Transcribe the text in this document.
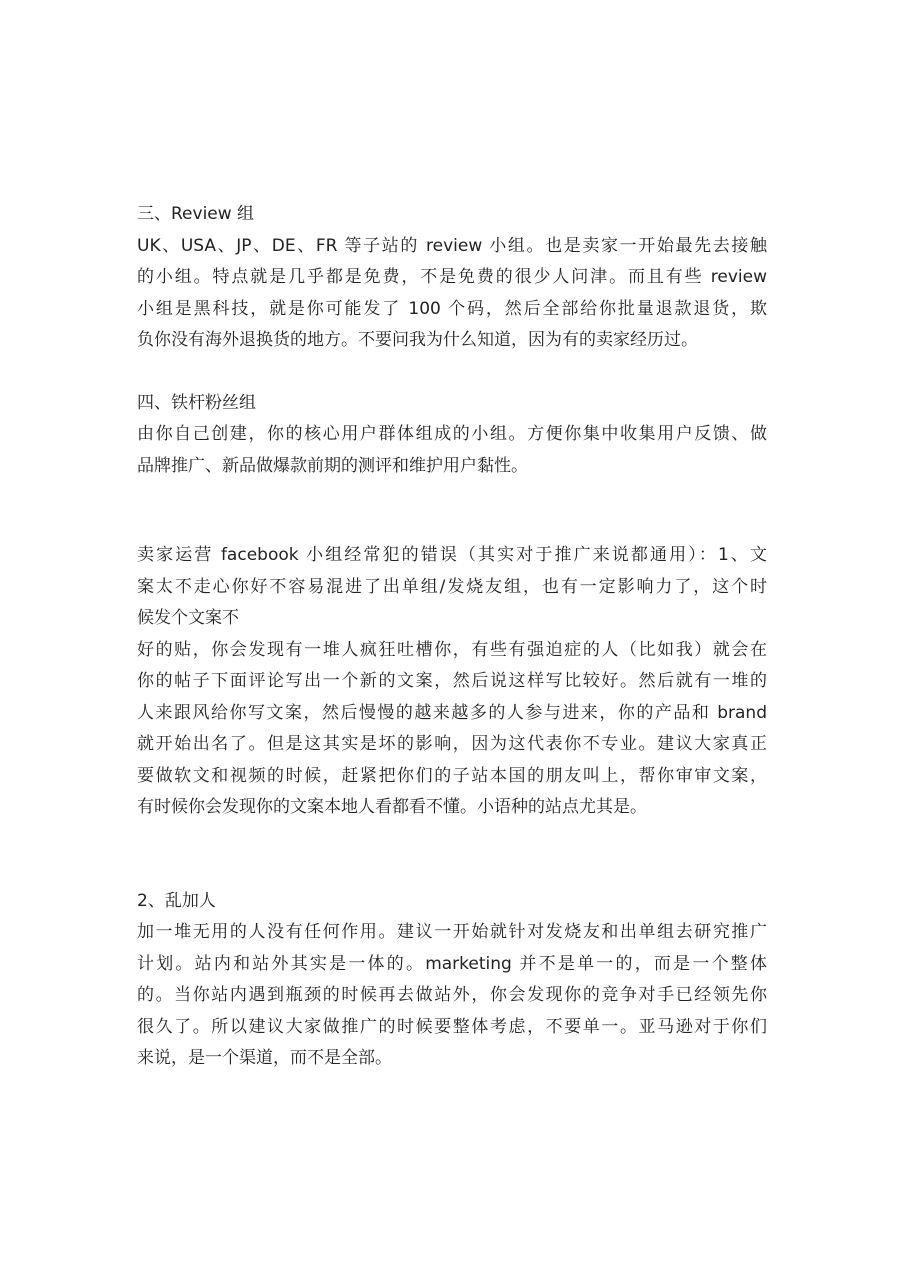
三、Review 组
UK、USA、JP、DE、FR 等子站的 review 小组。也是卖家一开始最先去接触
的小组。特点就是几乎都是免费，不是免费的很少人问津。而且有些 review
小组是黑科技，就是你可能发了 100 个码，然后全部给你批量退款退货，欺
负你没有海外退换货的地方。不要问我为什么知道，因为有的卖家经历过。
四、铁杆粉丝组
由你自己创建，你的核心用户群体组成的小组。方便你集中收集用户反馈、做
品牌推广、新品做爆款前期的测评和维护用户黏性。
卖家运营 facebook 小组经常犯的错误（其实对于推广来说都通用）：1、文
案太不走心你好不容易混进了出单组/发烧友组，也有一定影响力了，这个时
候发个文案不
好的贴，你会发现有一堆人疯狂吐槽你，有些有强迫症的人（比如我）就会在
你的帖子下面评论写出一个新的文案，然后说这样写比较好。然后就有一堆的
人来跟风给你写文案，然后慢慢的越来越多的人参与进来，你的产品和 brand
就开始出名了。但是这其实是坏的影响，因为这代表你不专业。建议大家真正
要做软文和视频的时候，赶紧把你们的子站本国的朋友叫上，帮你审审文案，
有时候你会发现你的文案本地人看都看不懂。小语种的站点尤其是。
2、乱加人
加一堆无用的人没有任何作用。建议一开始就针对发烧友和出单组去研究推广
计划。站内和站外其实是一体的。marketing 并不是单一的，而是一个整体
的。当你站内遇到瓶颈的时候再去做站外，你会发现你的竞争对手已经领先你
很久了。所以建议大家做推广的时候要整体考虑，不要单一。亚马逊对于你们
来说，是一个渠道，而不是全部。
